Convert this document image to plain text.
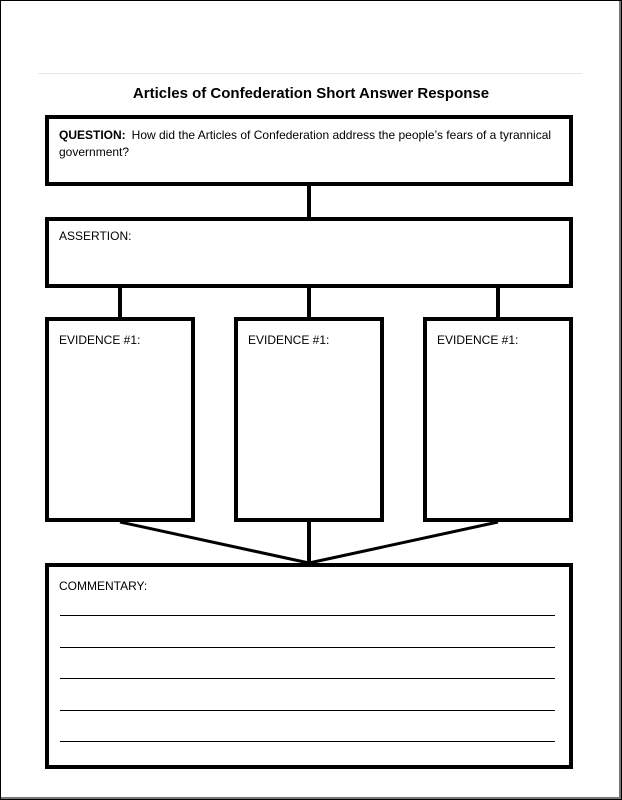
Articles of Confederation Short Answer Response
QUESTION: How did the Articles of Confederation address the people’s fears of a tyrannical government?
ASSERTION:
EVIDENCE #1:	EVIDENCE #1:	EVIDENCE #1:
COMMENTARY:
